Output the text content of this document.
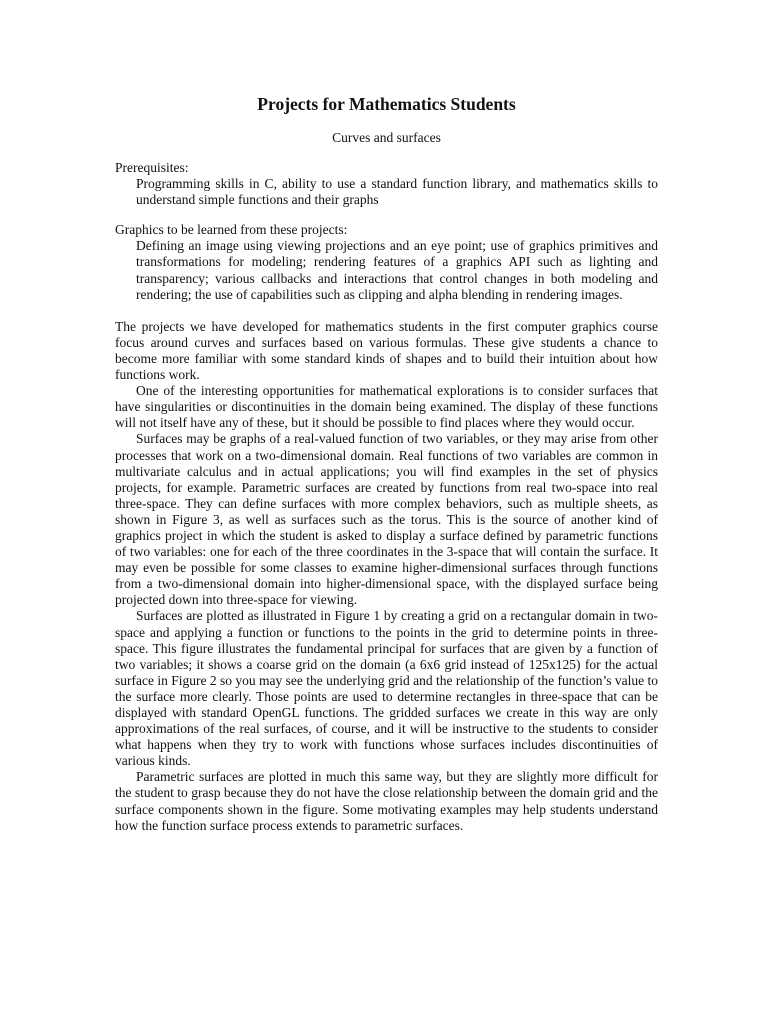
Projects for Mathematics Students

Curves and surfaces

Prerequisites:

Programming skills in C, ability to use a standard function library, and mathematics skills to understand simple functions and their graphs

Graphics to be learned from these projects:

Defining an image using viewing projections and an eye point; use of graphics primitives and transformations for modeling; rendering features of a graphics API such as lighting and transparency; various callbacks and interactions that control changes in both modeling and rendering; the use of capabilities such as clipping and alpha blending in rendering images.

The projects we have developed for mathematics students in the first computer graphics course focus around curves and surfaces based on various formulas. These give students a chance to become more familiar with some standard kinds of shapes and to build their intuition about how functions work.

One of the interesting opportunities for mathematical explorations is to consider surfaces that have singularities or discontinuities in the domain being examined. The display of these functions will not itself have any of these, but it should be possible to find places where they would occur.

Surfaces may be graphs of a real-valued function of two variables, or they may arise from other processes that work on a two-dimensional domain. Real functions of two variables are common in multivariate calculus and in actual applications; you will find examples in the set of physics projects, for example. Parametric surfaces are created by functions from real two-space into real three-space. They can define surfaces with more complex behaviors, such as multiple sheets, as shown in Figure 3, as well as surfaces such as the torus. This is the source of another kind of graphics project in which the student is asked to display a surface defined by parametric functions of two variables: one for each of the three coordinates in the 3-space that will contain the surface. It may even be possible for some classes to examine higher-dimensional surfaces through functions from a two-dimensional domain into higher-dimensional space, with the displayed surface being projected down into three-space for viewing.

Surfaces are plotted as illustrated in Figure 1 by creating a grid on a rectangular domain in two-space and applying a function or functions to the points in the grid to determine points in three-space. This figure illustrates the fundamental principal for surfaces that are given by a function of two variables; it shows a coarse grid on the domain (a 6x6 grid instead of 125x125) for the actual surface in Figure 2 so you may see the underlying grid and the relationship of the function’s value to the surface more clearly. Those points are used to determine rectangles in three-space that can be displayed with standard OpenGL functions. The gridded surfaces we create in this way are only approximations of the real surfaces, of course, and it will be instructive to the students to consider what happens when they try to work with functions whose surfaces includes discontinuities of various kinds.

Parametric surfaces are plotted in much this same way, but they are slightly more difficult for the student to grasp because they do not have the close relationship between the domain grid and the surface components shown in the figure. Some motivating examples may help students understand how the function surface process extends to parametric surfaces.
